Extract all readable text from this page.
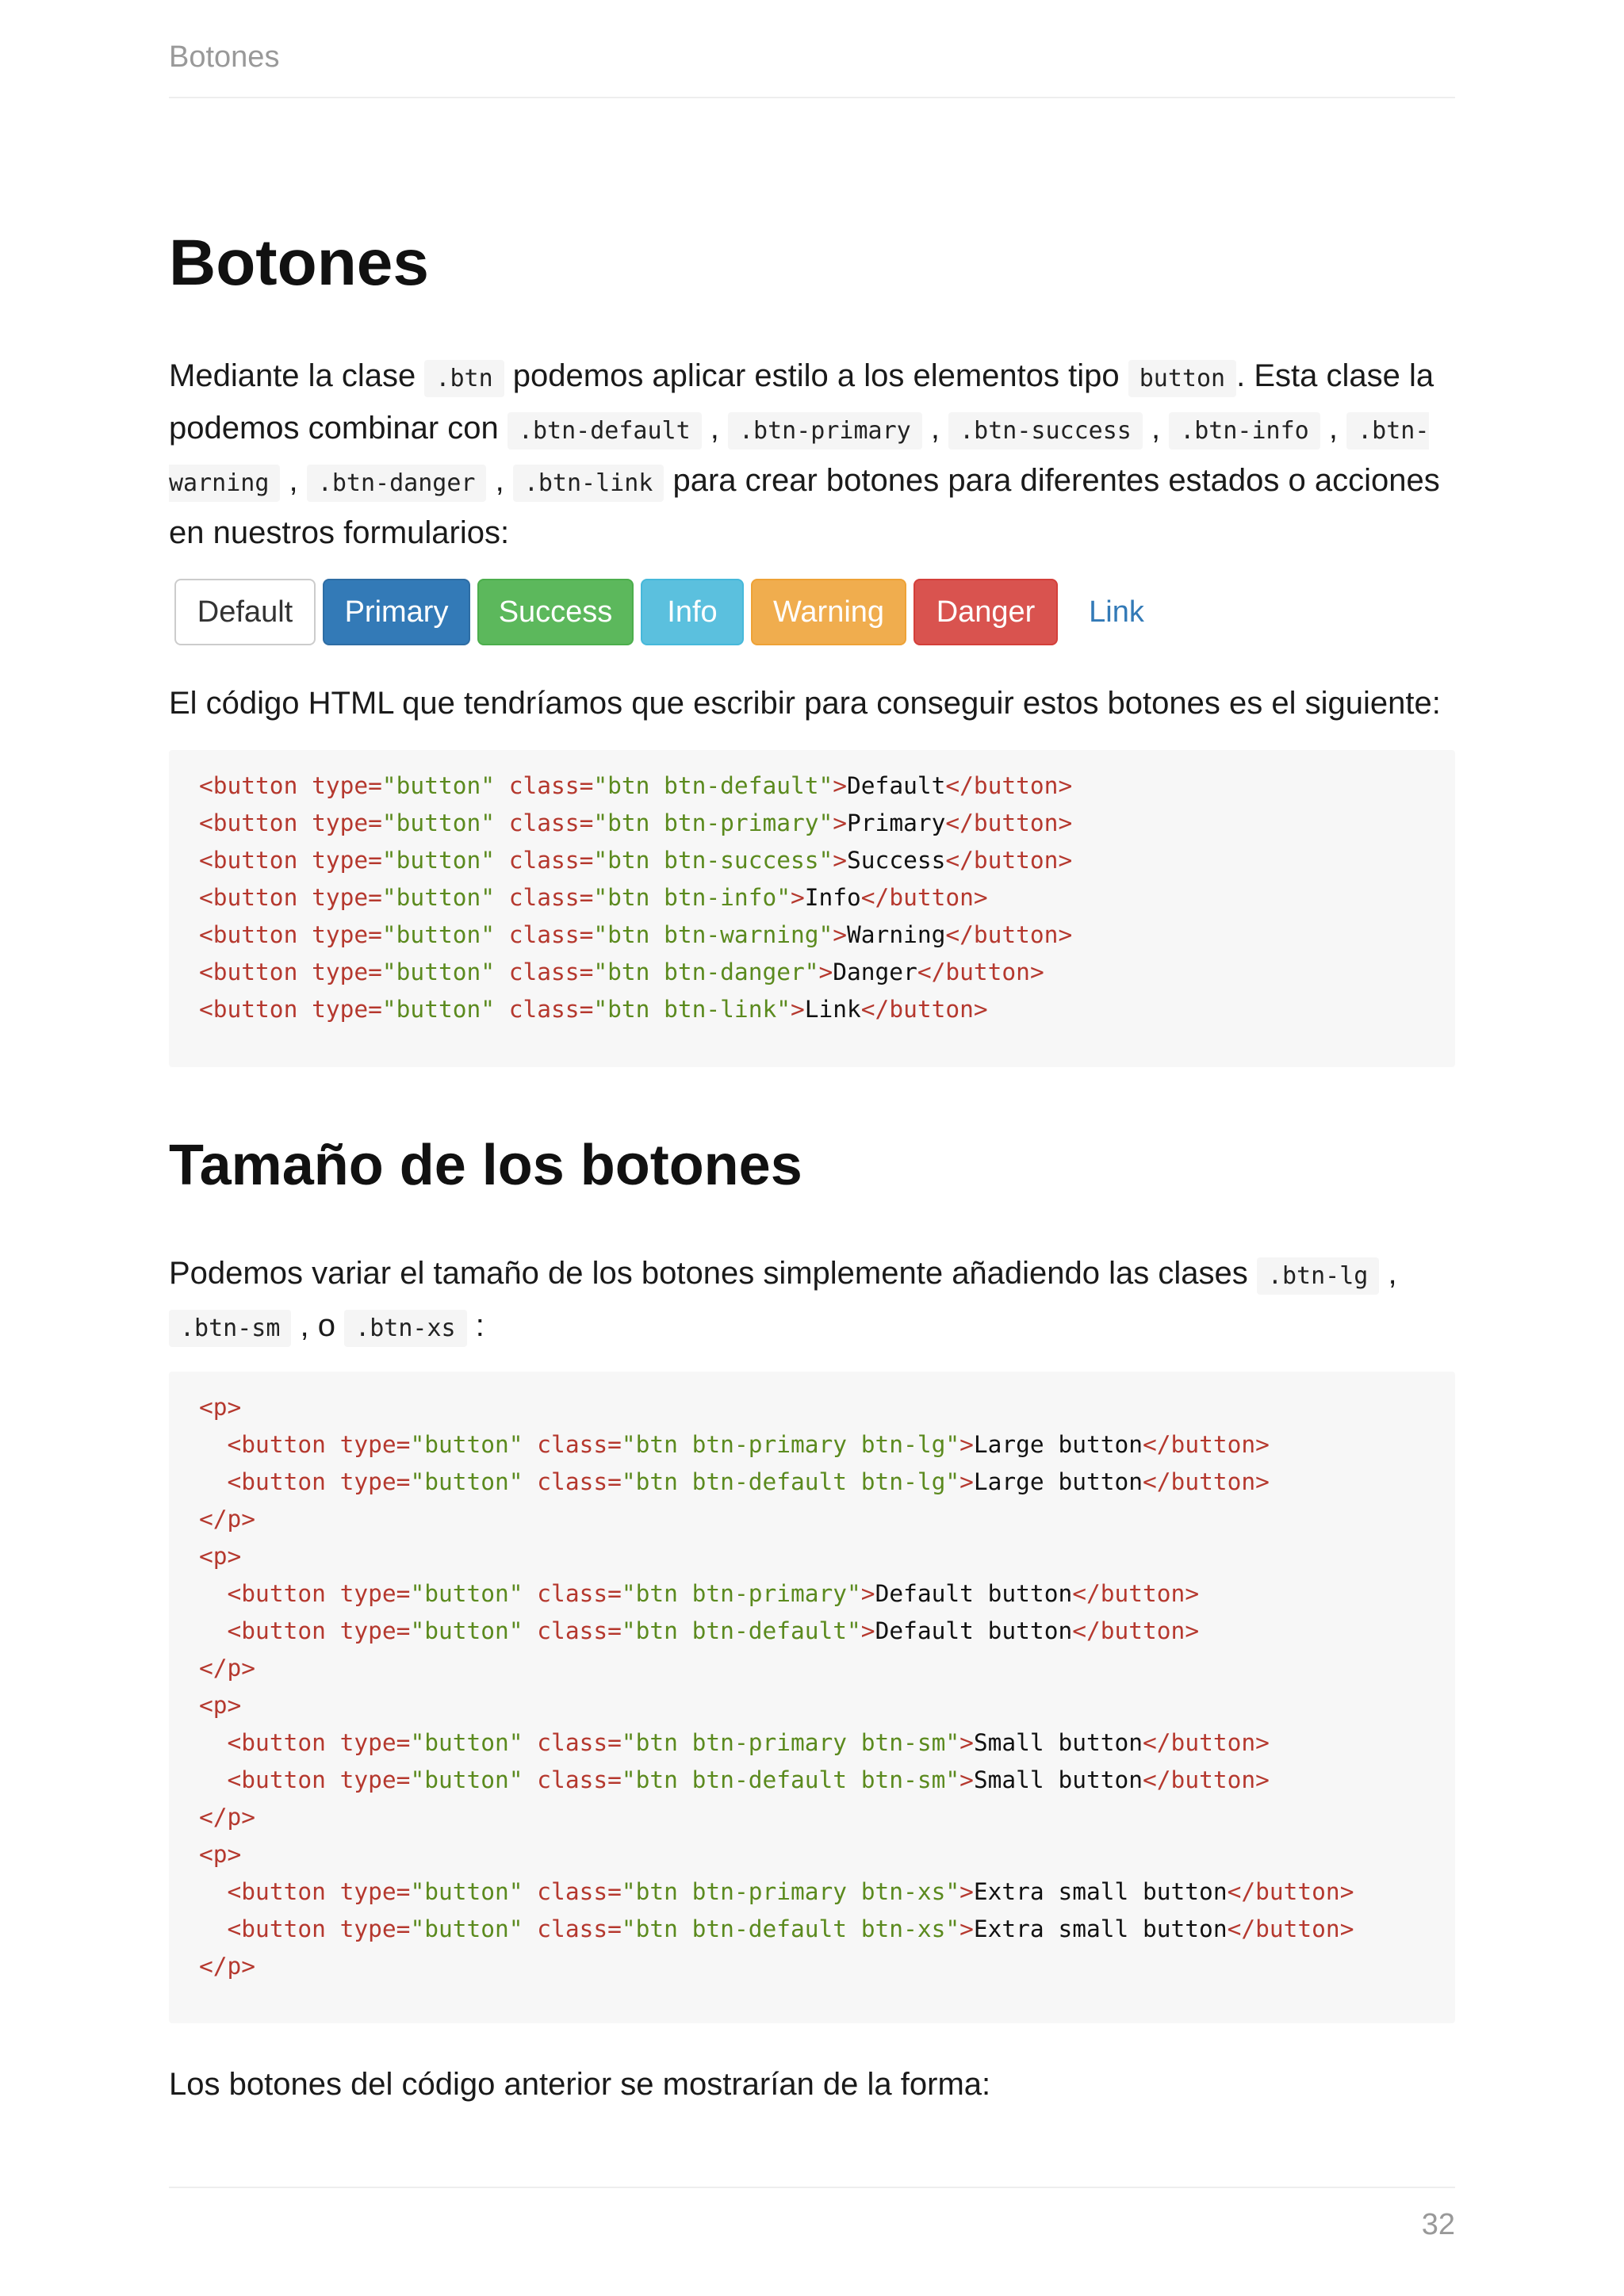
Botones
Botones

Mediante la clase .btn podemos aplicar estilo a los elementos tipo button . Esta clase la podemos combinar con .btn-default , .btn-primary , .btn-success , .btn-info , .btn-warning , .btn-danger , .btn-link para crear botones para diferentes estados o acciones en nuestros formularios:

Default	Primary	Success	Info	Warning	Danger	Link

El código HTML que tendríamos que escribir para conseguir estos botones es el siguiente:

<button type="button" class="btn btn-default">Default</button>
<button type="button" class="btn btn-primary">Primary</button>
<button type="button" class="btn btn-success">Success</button>
<button type="button" class="btn btn-info">Info</button>
<button type="button" class="btn btn-warning">Warning</button>
<button type="button" class="btn btn-danger">Danger</button>
<button type="button" class="btn btn-link">Link</button>
Tamaño de los botones

Podemos variar el tamaño de los botones simplemente añadiendo las clases .btn-lg , .btn-sm , o .btn-xs :

<p>
<button type="button" class="btn btn-primary btn-lg">Large button</button>
<button type="button" class="btn btn-default btn-lg">Large button</button>
</p>
<p>
<button type="button" class="btn btn-primary">Default button</button>
<button type="button" class="btn btn-default">Default button</button>
</p>
<p>
<button type="button" class="btn btn-primary btn-sm">Small button</button>
<button type="button" class="btn btn-default btn-sm">Small button</button>
</p>
<p>
<button type="button" class="btn btn-primary btn-xs">Extra small button</button>
<button type="button" class="btn btn-default btn-xs">Extra small button</button>
</p>

Los botones del código anterior se mostrarían de la forma:

32
